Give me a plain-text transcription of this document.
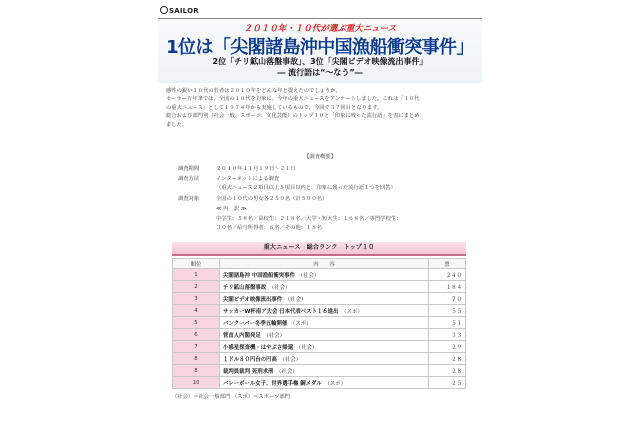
SAILOR
２０１０年・１０代が選ぶ重大ニュース
1位は「尖閣諸島沖中国漁船衝突事件」
2位「チリ鉱山落盤事故」、3位「尖閣ビデオ映像流出事件」
― 流行語は“～なう”―

感性の鋭い１０代の若者は２０１０年をどんな年と捉えたのでしょうか。

セーラー万年筆では、全国の１０代を対象に、今年の重大ニュースをアンケートしました。これは「１０代

の重大ニュース」として１９７４年から実施しているもので、今回で３７回目となります。

総合および部門別（社会一般、スポーツ、文化芸能）のトップ１０と「印象に残った流行語」を表にまとめ

ました。

【調査概要】
調査期間	２０１０年１１月１９日～２１日
調査方法	インターネットによる調査
（重大ニュース２項目以上５項目以内と、印象に残った流行語１つを回答）
調査対象	全国の１０代の男女各２５０名（計５００名）
≪ 内　訳 ≫
中学生：５８名／高校生：２１８名／大学・短大生：１６８名／専門学校生：
３０名／給与所得者：８名／その他：１８名
重大ニュース　総合ランク　トップ１０
順位	内　　容	票
1	尖閣諸島沖 中国漁船衝突事件　 （社会）	２４０
2	チリ鉱山落盤事故　 （社会）	１８４
3	尖閣ビデオ映像流出事件　 （社会）	７０
4	サッカーW杯南ア大会 日本代表ベスト１６進出　 （スポ）	５５
5	バンクーバー冬季五輪開催　 （スポ）	５１
6	菅直人内閣発足　 （社会）	３３
7	小惑星探査機・はやぶさ帰還　 （社会）	２９
8	１ドル８０円台の円高　 （社会）	２８
8	裁判員裁判 死刑求刑　 （社会）	２８
10	バレーボール女子、世界選手権 銅メダル　 （スポ）	２５
（社会）＝社会一般部門 （スポ）＝スポーツ部門
